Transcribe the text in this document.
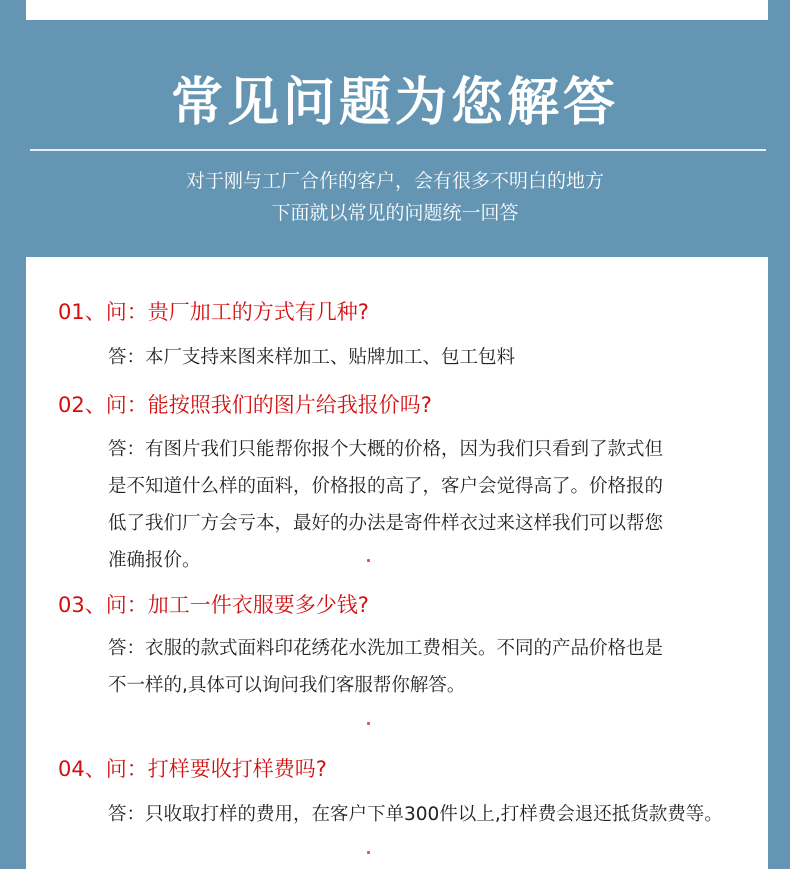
常见问题为您解答
对于刚与工厂合作的客户，会有很多不明白的地方
下面就以常见的问题统一回答
01、问：贵厂加工的方式有几种?
答：本厂支持来图来样加工、贴牌加工、包工包料
02、问：能按照我们的图片给我报价吗?
答：有图片我们只能帮你报个大概的价格，因为我们只看到了款式但
是不知道什么样的面料，价格报的高了，客户会觉得高了。价格报的
低了我们厂方会亏本，最好的办法是寄件样衣过来这样我们可以帮您
准确报价。
03、问：加工一件衣服要多少钱?
答：衣服的款式面料印花绣花水洗加工费相关。不同的产品价格也是
不一样的,具体可以询问我们客服帮你解答。
04、问：打样要收打样费吗?
答：只收取打样的费用，在客户下单300件以上,打样费会退还抵货款费等。
